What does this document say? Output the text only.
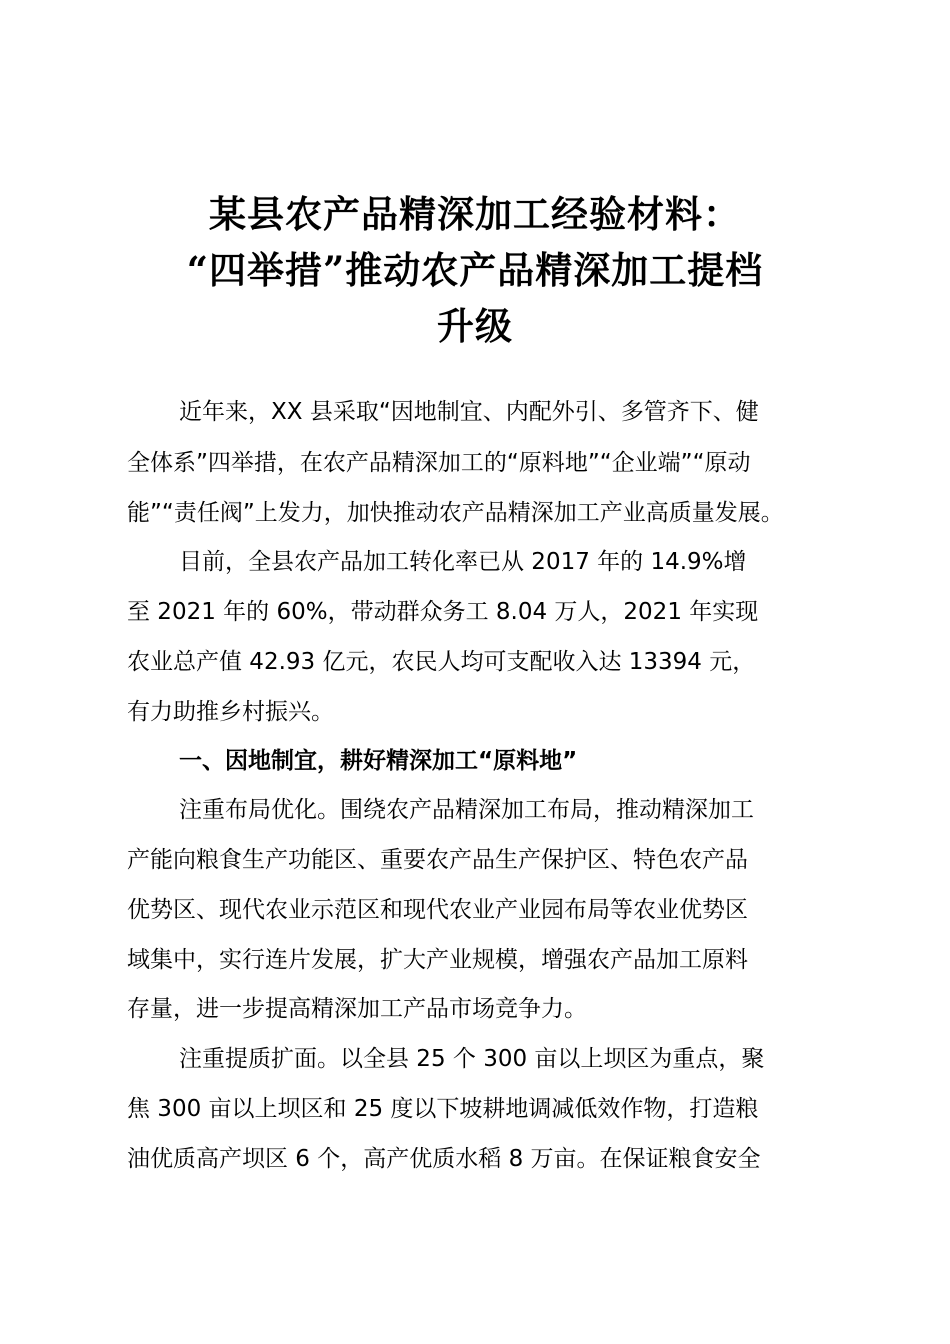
某县农产品精深加工经验材料：
“四举措”推动农产品精深加工提档
升级
近年来，XX 县采取“因地制宜、内配外引、多管齐下、健
全体系”四举措，在农产品精深加工的“原料地”“企业端”“原动
能”“责任阀”上发力，加快推动农产品精深加工产业高质量发展。
目前，全县农产品加工转化率已从 2017 年的 14.9%增
至 2021 年的 60%，带动群众务工 8.04 万人，2021 年实现
农业总产值 42.93 亿元，农民人均可支配收入达 13394 元，
有力助推乡村振兴。
一、因地制宜，耕好精深加工“原料地”
注重布局优化。围绕农产品精深加工布局，推动精深加工
产能向粮食生产功能区、重要农产品生产保护区、特色农产品
优势区、现代农业示范区和现代农业产业园布局等农业优势区
域集中，实行连片发展，扩大产业规模，增强农产品加工原料
存量，进一步提高精深加工产品市场竞争力。
注重提质扩面。以全县 25 个 300 亩以上坝区为重点，聚
焦 300 亩以上坝区和 25 度以下坡耕地调减低效作物，打造粮
油优质高产坝区 6 个，高产优质水稻 8 万亩。在保证粮食安全
